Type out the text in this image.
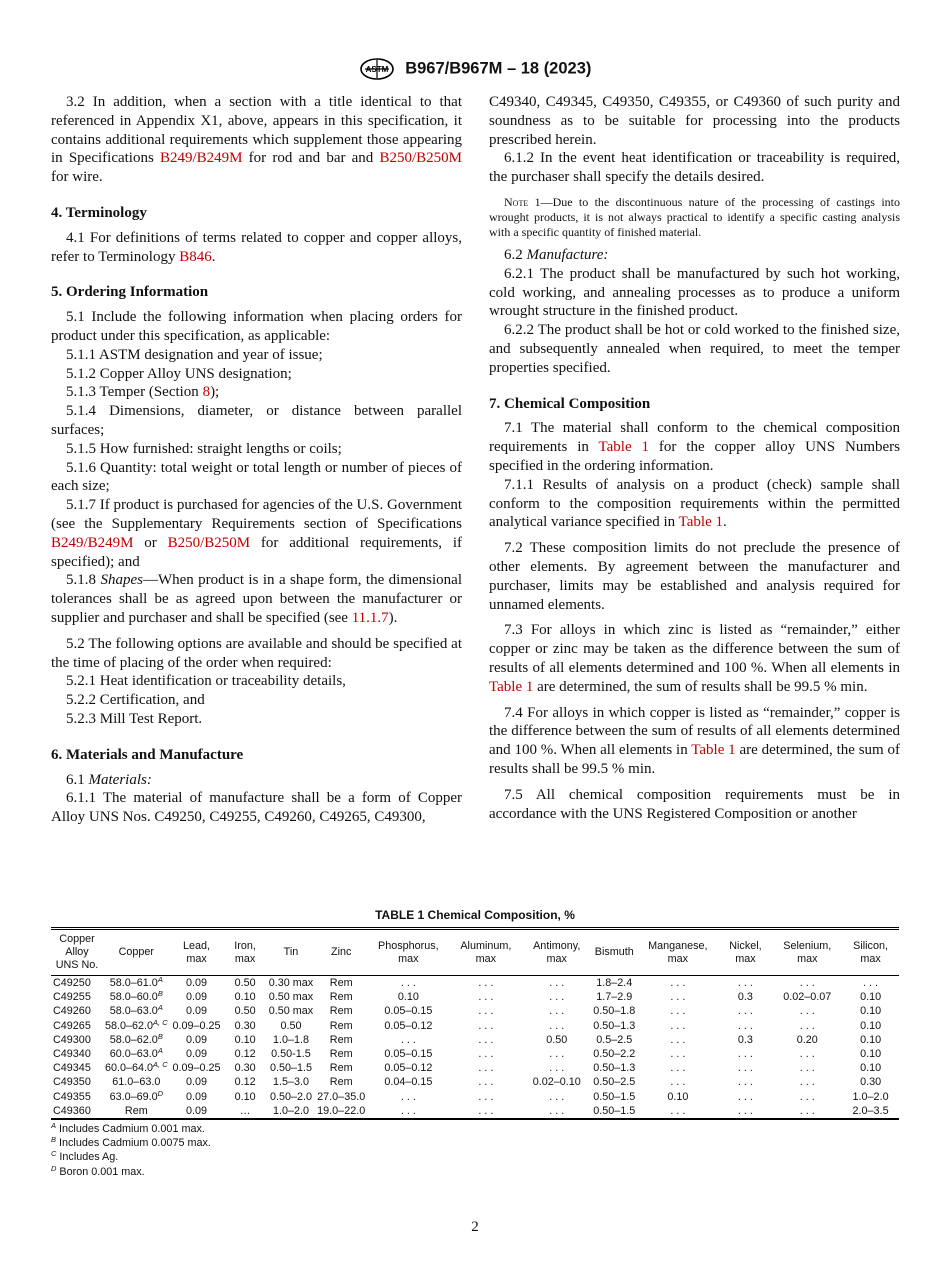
ASTM B967/B967M – 18 (2023)

3.2 In addition, when a section with a title identical to that referenced in Appendix X1, above, appears in this specification, it contains additional requirements which supplement those appearing in Specifications B249/B249M for rod and bar and B250/B250M for wire.

4. Terminology

4.1 For definitions of terms related to copper and copper alloys, refer to Terminology B846.

5. Ordering Information

5.1 Include the following information when placing orders for product under this specification, as applicable:

5.1.1 ASTM designation and year of issue;

5.1.2 Copper Alloy UNS designation;

5.1.3 Temper (Section 8);

5.1.4 Dimensions, diameter, or distance between parallel surfaces;

5.1.5 How furnished: straight lengths or coils;

5.1.6 Quantity: total weight or total length or number of pieces of each size;

5.1.7 If product is purchased for agencies of the U.S. Government (see the Supplementary Requirements section of Specifications B249/B249M or B250/B250M for additional requirements, if specified); and

5.1.8 Shapes—When product is in a shape form, the dimensional tolerances shall be as agreed upon between the manufacturer or supplier and purchaser and shall be specified (see 11.1.7).

5.2 The following options are available and should be specified at the time of placing of the order when required:

5.2.1 Heat identification or traceability details,

5.2.2 Certification, and

5.2.3 Mill Test Report.

6. Materials and Manufacture

6.1 Materials:

6.1.1 The material of manufacture shall be a form of Copper Alloy UNS Nos. C49250, C49255, C49260, C49265, C49300,

C49340, C49345, C49350, C49355, or C49360 of such purity and soundness as to be suitable for processing into the products prescribed herein.

6.1.2 In the event heat identification or traceability is required, the purchaser shall specify the details desired.

Note 1—Due to the discontinuous nature of the processing of castings into wrought products, it is not always practical to identify a specific casting analysis with a specific quantity of finished material.

6.2 Manufacture:

6.2.1 The product shall be manufactured by such hot working, cold working, and annealing processes as to produce a uniform wrought structure in the finished product.

6.2.2 The product shall be hot or cold worked to the finished size, and subsequently annealed when required, to meet the temper properties specified.

7. Chemical Composition

7.1 The material shall conform to the chemical composition requirements in Table 1 for the copper alloy UNS Numbers specified in the ordering information.

7.1.1 Results of analysis on a product (check) sample shall conform to the composition requirements within the permitted analytical variance specified in Table 1.

7.2 These composition limits do not preclude the presence of other elements. By agreement between the manufacturer and purchaser, limits may be established and analysis required for unnamed elements.

7.3 For alloys in which zinc is listed as “remainder,” either copper or zinc may be taken as the difference between the sum of results of all elements determined and 100 %. When all elements in Table 1 are determined, the sum of results shall be 99.5 % min.

7.4 For alloys in which copper is listed as “remainder,” copper is the difference between the sum of results of all elements determined and 100 %. When all elements in Table 1 are determined, the sum of results shall be 99.5 % min.

7.5 All chemical composition requirements must be in accordance with the UNS Registered Composition or another

TABLE 1 Chemical Composition, %
Copper Alloy UNS No.	Copper	Lead, max	Iron, max	Tin	Zinc	Phosphorus, max	Aluminum, max	Antimony, max	Bismuth	Manganese, max	Nickel, max	Selenium, max	Silicon, max
C49250	$58.0-61.0^A$	0.09	0.50	0.30 max	Rem	. . .	. . .	. . .	1.8–2.4	. . .	. . .	. . .	. . .
C49255	$58.0-60.0^B$	0.09	0.10	0.50 max	Rem	0.10	. . .	. . .	1.7–2.9	. . .	0.3	0.02–0.07	0.10
C49260	$58.0-63.0^A$	0.09	0.50	0.50 max	Rem	0.05–0.15	. . .	. . .	0.50–1.8	. . .	. . .	. . .	0.10
C49265	$58.0-62.0^{A, C}$	0.09–0.25	0.30	0.50	Rem	0.05–0.12	. . .	. . .	0.50–1.3	. . .	. . .	. . .	0.10
C49300	$58.0-62.0^B$	0.09	0.10	1.0–1.8	Rem	. . .	. . .	0.50	0.5–2.5	. . .	0.3	0.20	0.10
C49340	$60.0-63.0^A$	0.09	0.12	0.50-1.5	Rem	0.05–0.15	. . .	. . .	0.50–2.2	. . .	. . .	. . .	0.10
C49345	$60.0-64.0^{A, C}$	0.09–0.25	0.30	0.50–1.5	Rem	0.05–0.12	. . .	. . .	0.50–1.3	. . .	. . .	. . .	0.10
C49350	61.0–63.0	0.09	0.12	1.5–3.0	Rem	0.04–0.15	. . .	0.02–0.10	0.50–2.5	. . .	. . .	. . .	0.30
C49355	$63.0-69.0^D$	0.09	0.10	0.50–2.0	27.0–35.0	. . .	. . .	. . .	0.50–1.5	0.10	. . .	. . .	1.0–2.0
C49360	Rem	0.09	…	1.0–2.0	19.0–22.0	. . .	. . .	. . .	0.50–1.5	. . .	. . .	. . .	2.0–3.5
$^A$ Includes Cadmium 0.001 max.
$^B$ Includes Cadmium 0.0075 max.
$^C$ Includes Ag.
$^D$ Boron 0.001 max.
2
